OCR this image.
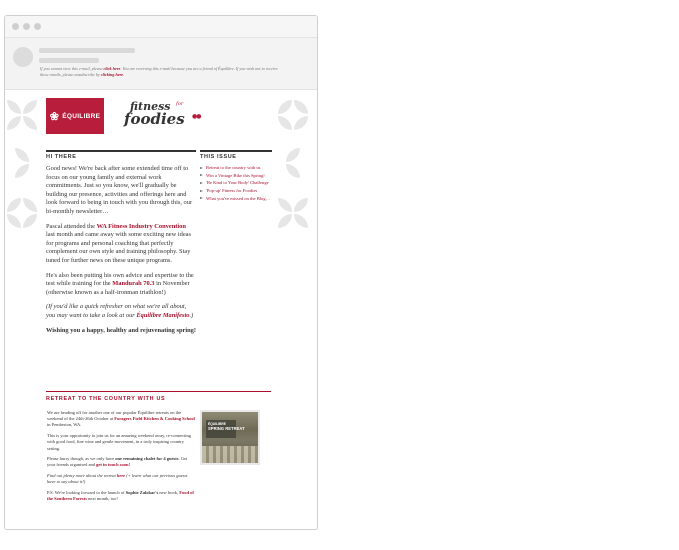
If you cannot view this e-mail, please click here. You are receiving this e-mail because you are a friend of Équilibre. If you wish not to receive these emails, please unsubscribe by clicking here.
❀ ÉQUILIBRE
fitness for
foodies ●●
HI THERE	THIS ISSUE

Good news! We're back after some extended time off to focus on our young family and external work commitments. Just so you know, we'll gradually be building our presence, activities and offerings here and look forward to being in touch with you through this, our bi-monthly newsletter…

Pascal attended the WA Fitness Industry Convention last month and came away with some exciting new ideas for programs and personal coaching that perfectly complement our own style and training philosophy. Stay tuned for further news on these unique programs.

He's also been putting his own advice and expertise to the test while training for the Mandurah 70.3 in November (otherwise known as a half-ironman triathlon!)

(If you'd like a quick refresher on what we're all about, you may want to take a look at our Équilibre Manifesto.)

Wishing you a happy, healthy and rejuvenating spring!

Retreat to the country with us
Win a Vintage Bike this Spring!
'Be Kind to Your Body' Challenge
'Pop-up' Fitness for Foodies
What you've missed on the Blog…
RETREAT TO THE COUNTRY WITH US

We are heading off for another one of our popular Équilibre retreats on the weekend of the 24th-26th October at Foragers Field Kitchen & Cooking School in Pemberton, WA.

This is your opportunity to join us for an amazing weekend away, re-connecting with good food, fine wine and gentle movement, in a truly inspiring country setting.

Please hurry though, as we only have one remaining chalet for 4 guests. Get your friends organised and get in touch soon!

Find out plenty more about the retreat here (+ learn what our previous guests have to say about it!)

P.S. We're looking forward to the launch of Sophie Zalokar's new book, Food of the Southern Forests next month, too!

ÉQUILIBRE
SPRING RETREAT
